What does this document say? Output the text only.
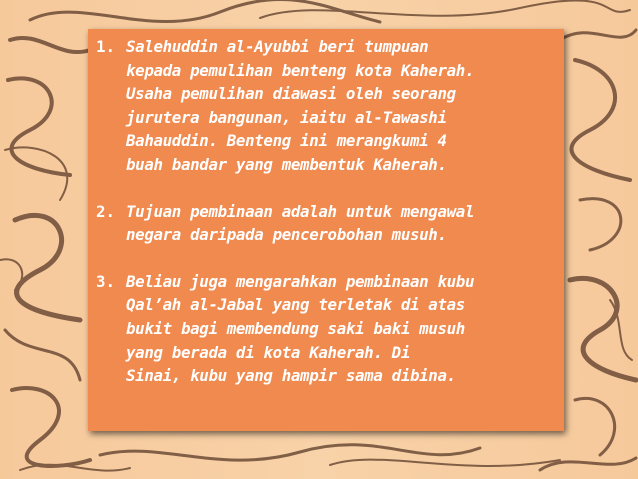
1. Salehuddin al-Ayubbi beri tumpuan
kepada pemulihan benteng kota Kaherah.
Usaha pemulihan diawasi oleh seorang
jurutera bangunan, iaitu al-Tawashi
Bahauddin. Benteng ini merangkumi 4
buah bandar yang membentuk Kaherah.
2. Tujuan pembinaan adalah untuk mengawal
negara daripada pencerobohan musuh.
3. Beliau juga mengarahkan pembinaan kubu
Qal’ah al-Jabal yang terletak di atas
bukit bagi membendung saki baki musuh
yang berada di kota Kaherah. Di
Sinai, kubu yang hampir sama dibina.
